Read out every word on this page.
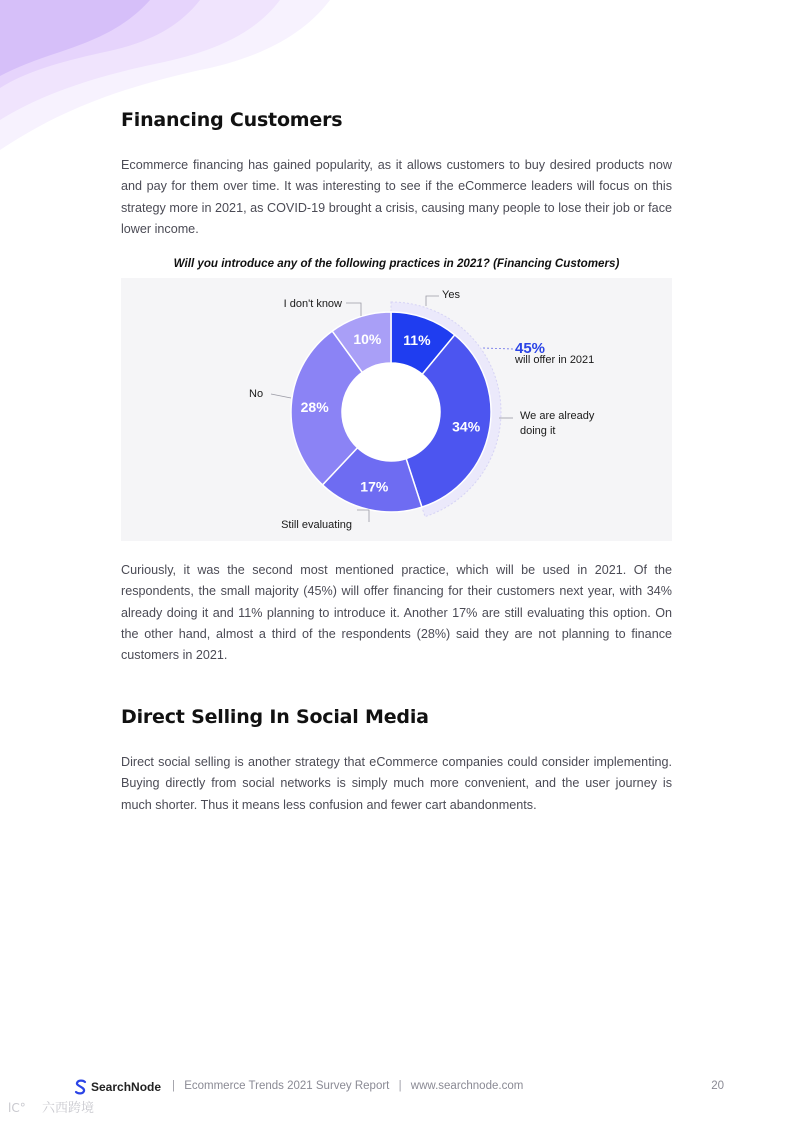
Financing Customers

Ecommerce financing has gained popularity, as it allows customers to buy desired products now and pay for them over time. It was interesting to see if the eCommerce leaders will focus on this strategy more in 2021, as COVID-19 brought a crisis, causing many people to lose their job or face lower income.

Will you introduce any of the following practices in 2021? (Financing Customers)
11%
34%
17%
28%
10%
Yes
I don't know
No
We are already
doing it
Still evaluating
45%
will offer in 2021

Curiously, it was the second most mentioned practice, which will be used in 2021. Of the respondents, the small majority (45%) will offer financing for their customers next year, with 34% already doing it and 11% planning to introduce it. Another 17% are still evaluating this option. On the other hand, almost a third of the respondents (28%) said they are not planning to finance customers in 2021.

Direct Selling In Social Media

Direct social selling is another strategy that eCommerce companies could consider implementing. Buying directly from social networks is simply much more convenient, and the user journey is much shorter. Thus it means less confusion and fewer cart abandonments.

SearchNode | Ecommerce Trends 2021 Survey Report | www.searchnode.com	20
lC° 六西跨境
